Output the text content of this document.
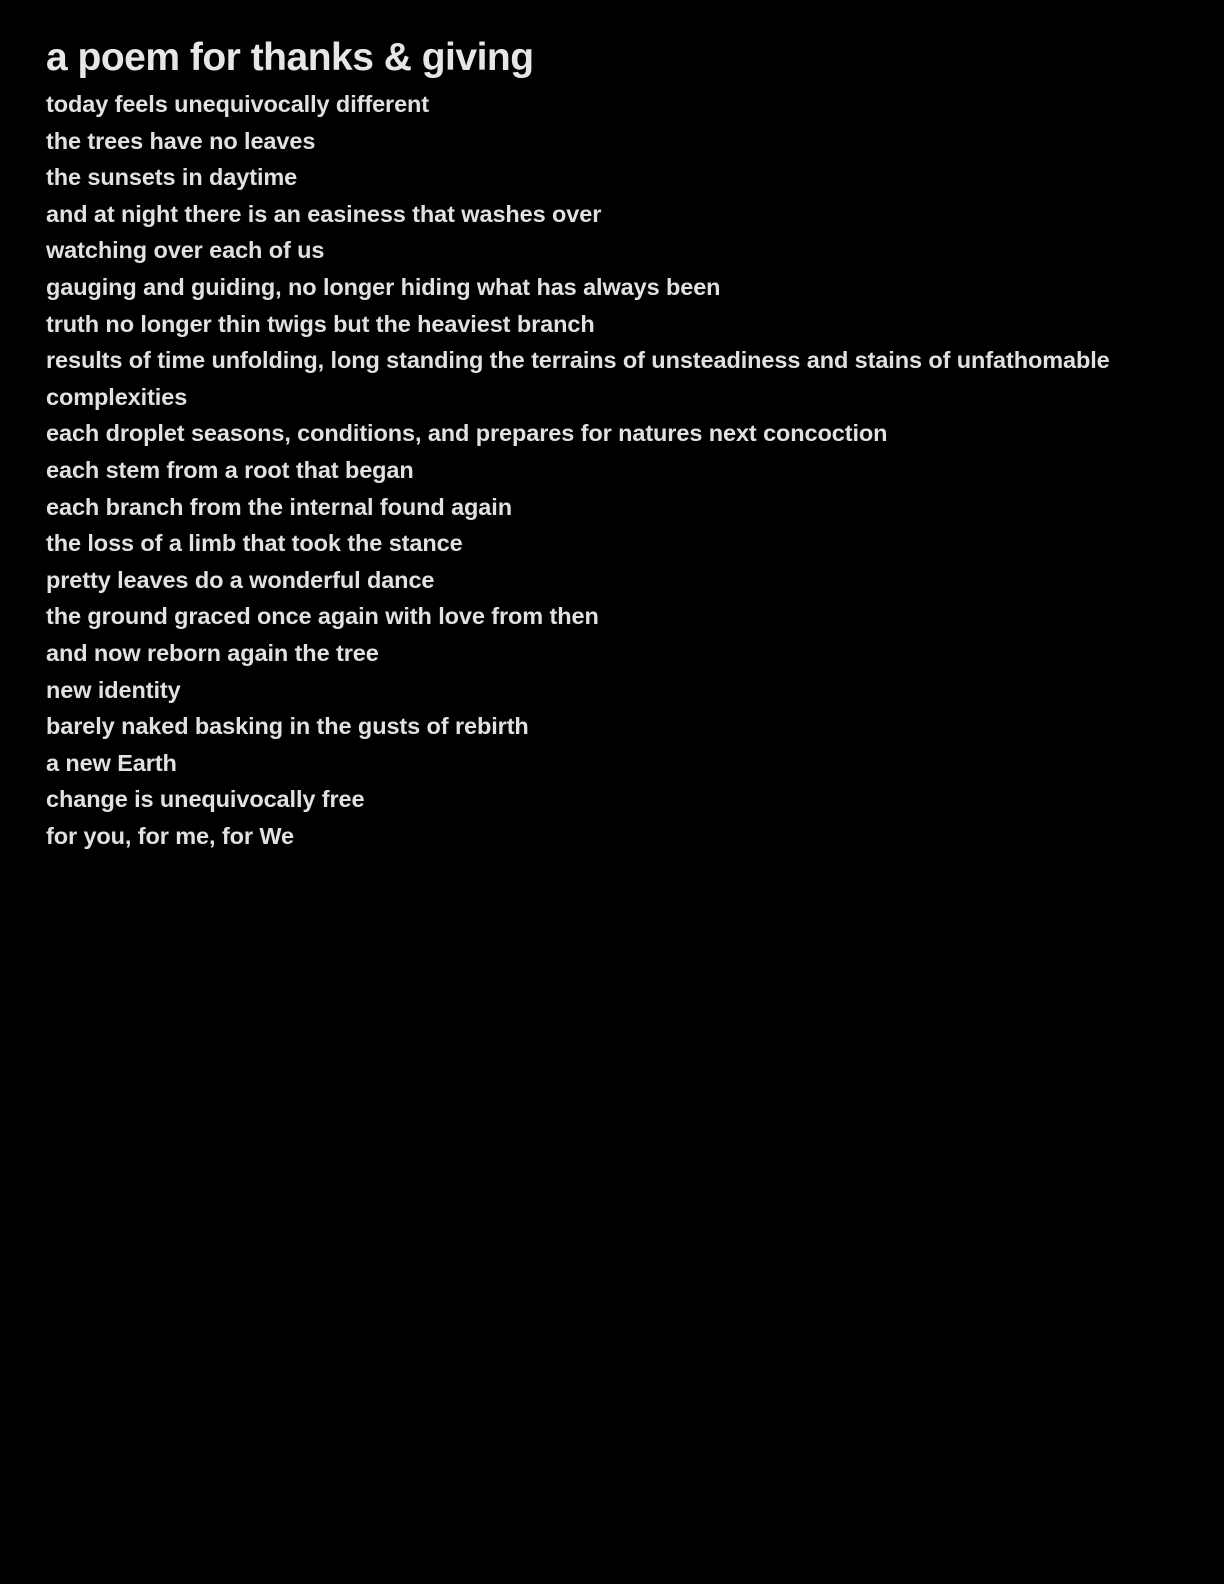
a poem for thanks & giving
today feels unequivocally different
the trees have no leaves
the sunsets in daytime
and at night there is an easiness that washes over
watching over each of us
gauging and guiding, no longer hiding what has always been
truth no longer thin twigs but the heaviest branch
results of time unfolding, long standing the terrains of unsteadiness and stains of unfathomable
complexities
each droplet seasons, conditions, and prepares for natures next concoction
each stem from a root that began
each branch from the internal found again
the loss of a limb that took the stance
pretty leaves do a wonderful dance
the ground graced once again with love from then
and now reborn again the tree
new identity
barely naked basking in the gusts of rebirth
a new Earth
change is unequivocally free
for you, for me, for We
